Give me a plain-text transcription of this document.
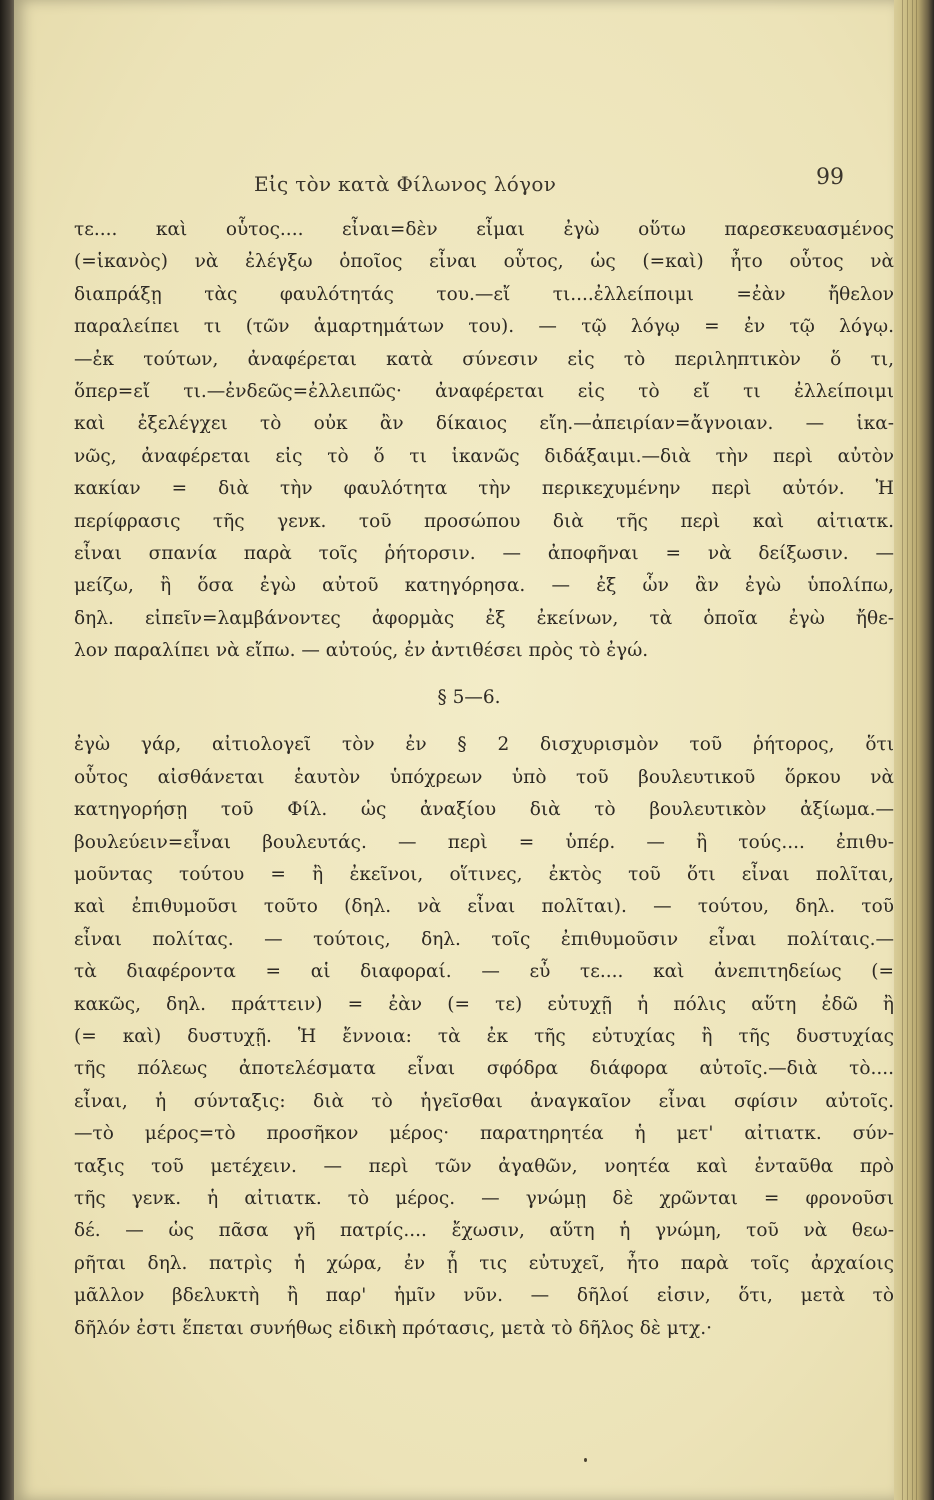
Εἰς τὸν κατὰ Φίλωνος λόγον	99
τε.... καὶ οὗτος.... εἶναι=δὲν εἶμαι ἐγὼ οὕτω παρεσκευασμένος
(=ἱκανὸς) νὰ ἐλέγξω ὁποῖος εἶναι οὗτος, ὡς (=καὶ) ἦτο οὗτος νὰ
διαπράξῃ τὰς φαυλότητάς του.—εἴ τι....ἐλλείποιμι =ἐὰν ἤθελον
παραλείπει τι (τῶν ἁμαρτημάτων του). — τῷ λόγῳ = ἐν τῷ λόγῳ.
—ἐκ τούτων, ἀναφέρεται κατὰ σύνεσιν εἰς τὸ περιληπτικὸν ὅ τι,
ὅπερ=εἴ τι.—ἐνδεῶς=ἐλλειπῶς· ἀναφέρεται εἰς τὸ εἴ τι ἐλλείποιμι
καὶ ἐξελέγχει τὸ οὐκ ἂν δίκαιος εἴη.—ἀπειρίαν=ἄγνοιαν. — ἱκα-
νῶς, ἀναφέρεται εἰς τὸ ὅ τι ἱκανῶς διδάξαιμι.—διὰ τὴν περὶ αὐτὸν
κακίαν = διὰ τὴν φαυλότητα τὴν περικεχυμένην περὶ αὐτόν. Ἡ
περίφρασις τῆς γενκ. τοῦ προσώπου διὰ τῆς περὶ καὶ αἰτιατκ.
εἶναι σπανία παρὰ τοῖς ῥήτορσιν. — ἀποφῆναι = νὰ δείξωσιν. —
μείζω, ἢ ὅσα ἐγὼ αὐτοῦ κατηγόρησα. — ἐξ ὧν ἂν ἐγὼ ὑπολίπω,
δηλ. εἰπεῖν=λαμβάνοντες ἀφορμὰς ἐξ ἐκείνων, τὰ ὁποῖα ἐγὼ ἤθε-
λον παραλίπει νὰ εἴπω. — αὐτούς, ἐν ἀντιθέσει πρὸς τὸ ἐγώ.
§ 5—6.
ἐγὼ γάρ, αἰτιολογεῖ τὸν ἐν § 2 δισχυρισμὸν τοῦ ῥήτορος, ὅτι
οὗτος αἰσθάνεται ἑαυτὸν ὑπόχρεων ὑπὸ τοῦ βουλευτικοῦ ὅρκου νὰ
κατηγορήσῃ τοῦ Φίλ. ὡς ἀναξίου διὰ τὸ βουλευτικὸν ἀξίωμα.—
βουλεύειν=εἶναι βουλευτάς. — περὶ = ὑπέρ. — ἢ τούς.... ἐπιθυ-
μοῦντας τούτου = ἢ ἐκεῖνοι, οἵτινες, ἐκτὸς τοῦ ὅτι εἶναι πολῖται,
καὶ ἐπιθυμοῦσι τοῦτο (δηλ. νὰ εἶναι πολῖται). — τούτου, δηλ. τοῦ
εἶναι πολίτας. — τούτοις, δηλ. τοῖς ἐπιθυμοῦσιν εἶναι πολίταις.—
τὰ διαφέροντα = αἱ διαφοραί. — εὖ τε.... καὶ ἀνεπιτηδείως (=
κακῶς, δηλ. πράττειν) = ἐὰν (= τε) εὐτυχῇ ἡ πόλις αὕτη ἐδῶ ἢ
(= καὶ) δυστυχῇ. Ἡ ἔννοια: τὰ ἐκ τῆς εὐτυχίας ἢ τῆς δυστυχίας
τῆς πόλεως ἀποτελέσματα εἶναι σφόδρα διάφορα αὐτοῖς.—διὰ τὸ....
εἶναι, ἡ σύνταξις: διὰ τὸ ἡγεῖσθαι ἀναγκαῖον εἶναι σφίσιν αὐτοῖς.
—τὸ μέρος=τὸ προσῆκον μέρος· παρατηρητέα ἡ μετ' αἰτιατκ. σύν-
ταξις τοῦ μετέχειν. — περὶ τῶν ἀγαθῶν, νοητέα καὶ ἐνταῦθα πρὸ
τῆς γενκ. ἡ αἰτιατκ. τὸ μέρος. — γνώμῃ δὲ χρῶνται = φρονοῦσι
δέ. — ὡς πᾶσα γῆ πατρίς.... ἔχωσιν, αὕτη ἡ γνώμη, τοῦ νὰ θεω-
ρῆται δηλ. πατρὶς ἡ χώρα, ἐν ᾗ τις εὐτυχεῖ, ἦτο παρὰ τοῖς ἀρχαίοις
μᾶλλον βδελυκτὴ ἢ παρ' ἡμῖν νῦν. — δῆλοί εἰσιν, ὅτι, μετὰ τὸ
δῆλόν ἐστι ἕπεται συνήθως εἰδικὴ πρότασις, μετὰ τὸ δῆλος δὲ μτχ.·
